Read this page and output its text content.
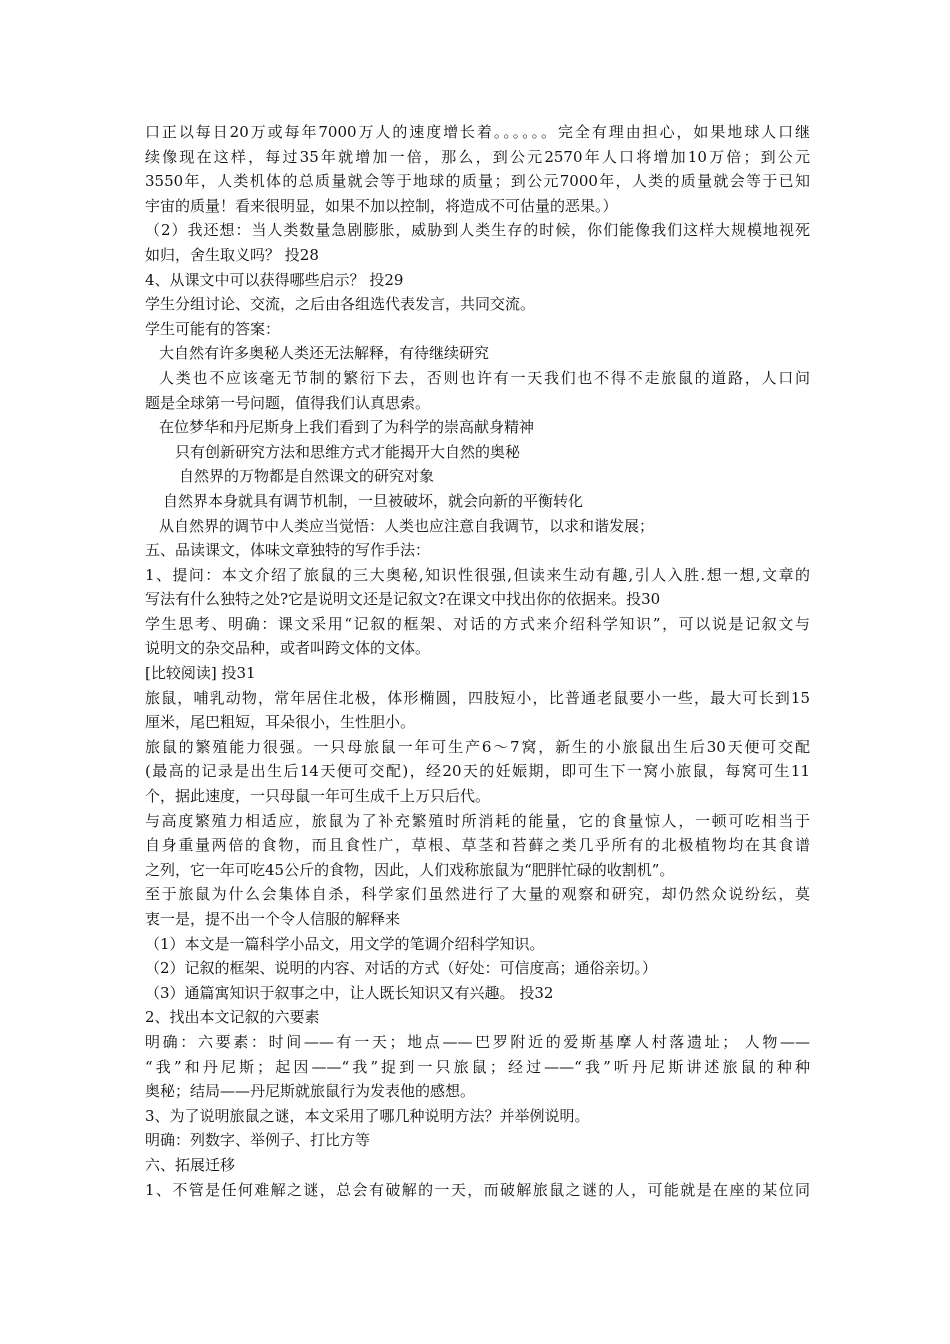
口正以每日20万或每年7000万人的速度增长着。。。。。。完全有理由担心，如果地球人口继
续像现在这样，每过35年就增加一倍，那么，到公元2570年人口将增加10万倍；到公元
3550年，人类机体的总质量就会等于地球的质量；到公元7000年，人类的质量就会等于已知
宇宙的质量！看来很明显，如果不加以控制，将造成不可估量的恶果。）
（2）我还想：当人类数量急剧膨胀，威胁到人类生存的时候，你们能像我们这样大规模地视死
如归，舍生取义吗？ 投28
4、从课文中可以获得哪些启示？ 投29
学生分组讨论、交流，之后由各组选代表发言，共同交流。
学生可能有的答案：
大自然有许多奥秘人类还无法解释，有待继续研究
人类也不应该毫无节制的繁衍下去，否则也许有一天我们也不得不走旅鼠的道路，人口问
题是全球第一号问题，值得我们认真思索。
在位梦华和丹尼斯身上我们看到了为科学的崇高献身精神
只有创新研究方法和思维方式才能揭开大自然的奥秘
自然界的万物都是自然课文的研究对象
自然界本身就具有调节机制，一旦被破坏，就会向新的平衡转化
从自然界的调节中人类应当觉悟：人类也应注意自我调节，以求和谐发展；
五、品读课文，体味文章独特的写作手法：
1、提问：本文介绍了旅鼠的三大奥秘,知识性很强,但读来生动有趣,引人入胜.想一想,文章的
写法有什么独特之处?它是说明文还是记叙文?在课文中找出你的依据来。投30
学生思考、明确：课文采用“记叙的框架、对话的方式来介绍科学知识”，可以说是记叙文与
说明文的杂交品种，或者叫跨文体的文体。
[比较阅读] 投31
旅鼠，哺乳动物，常年居住北极，体形椭圆，四肢短小，比普通老鼠要小一些，最大可长到15
厘米，尾巴粗短，耳朵很小，生性胆小。
旅鼠的繁殖能力很强。一只母旅鼠一年可生产6～7窝，新生的小旅鼠出生后30天便可交配
(最高的记录是出生后14天便可交配)，经20天的妊娠期，即可生下一窝小旅鼠，每窝可生11
个，据此速度，一只母鼠一年可生成千上万只后代。
与高度繁殖力相适应，旅鼠为了补充繁殖时所消耗的能量，它的食量惊人，一顿可吃相当于
自身重量两倍的食物，而且食性广，草根、草茎和苔藓之类几乎所有的北极植物均在其食谱
之列，它一年可吃45公斤的食物，因此，人们戏称旅鼠为“肥胖忙碌的收割机”。
至于旅鼠为什么会集体自杀，科学家们虽然进行了大量的观察和研究，却仍然众说纷纭，莫
衷一是，提不出一个令人信服的解释来
（1）本文是一篇科学小品文，用文学的笔调介绍科学知识。
（2）记叙的框架、说明的内容、对话的方式（好处：可信度高；通俗亲切。）
（3）通篇寓知识于叙事之中，让人既长知识又有兴趣。 投32
2、找出本文记叙的六要素
明确：六要素：时间——有一天；地点——巴罗附近的爱斯基摩人村落遗址； 人物——
“我”和丹尼斯；起因——“我”捉到一只旅鼠；经过——“我”听丹尼斯讲述旅鼠的种种
奥秘；结局——丹尼斯就旅鼠行为发表他的感想。
3、为了说明旅鼠之谜，本文采用了哪几种说明方法？并举例说明。
明确：列数字、举例子、打比方等
六、拓展迁移
1、不管是任何难解之谜，总会有破解的一天，而破解旅鼠之谜的人，可能就是在座的某位同
